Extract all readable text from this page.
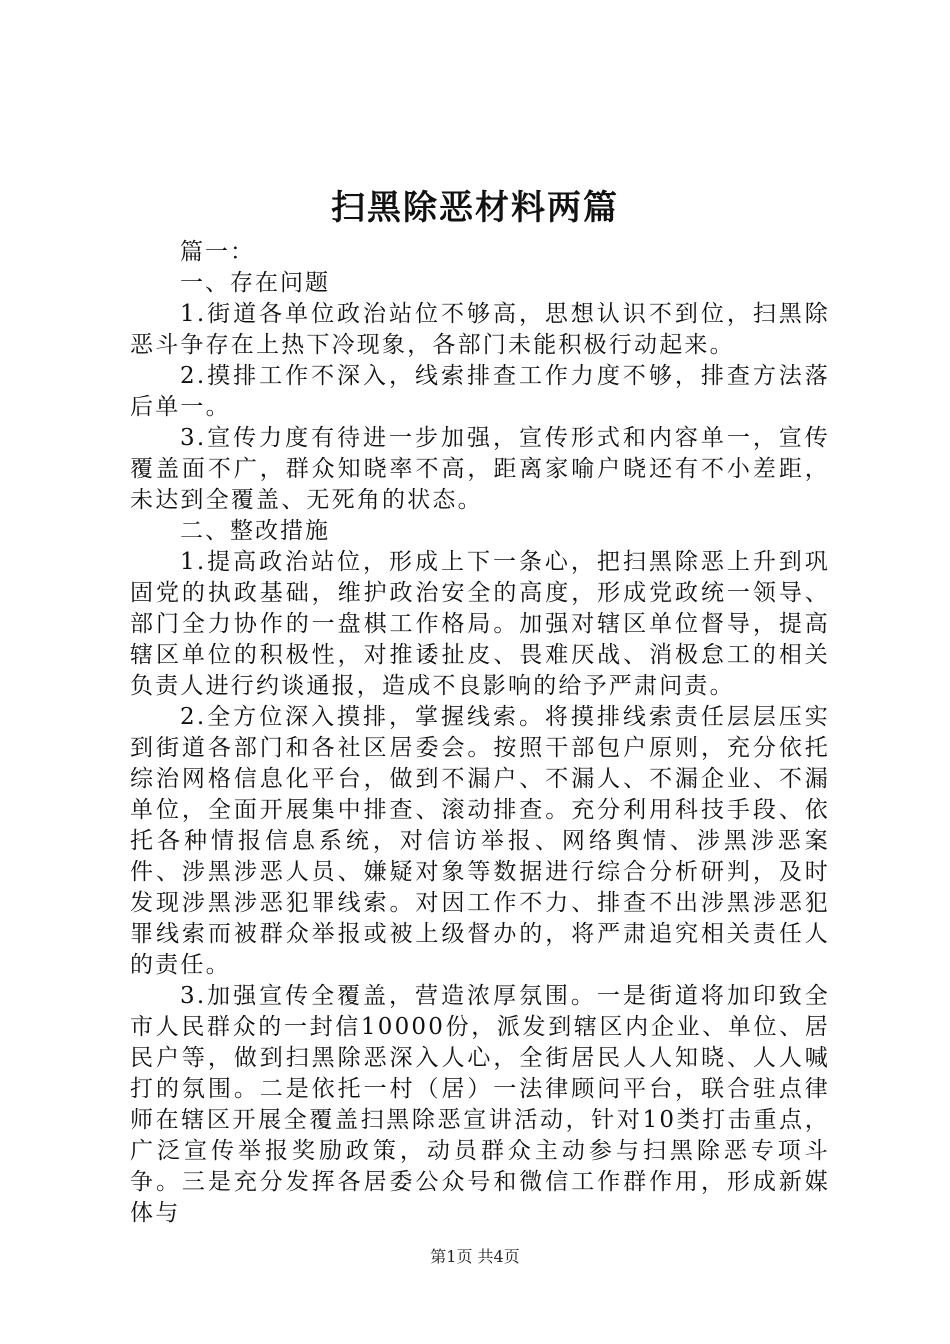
扫黑除恶材料两篇

篇一：

一、存在问题

1.街道各单位政治站位不够高，思想认识不到位，扫黑除恶斗争存在上热下冷现象，各部门未能积极行动起来。

2.摸排工作不深入，线索排查工作力度不够，排查方法落后单一。

3.宣传力度有待进一步加强，宣传形式和内容单一，宣传覆盖面不广，群众知晓率不高，距离家喻户晓还有不小差距，未达到全覆盖、无死角的状态。

二、整改措施

1.提高政治站位，形成上下一条心，把扫黑除恶上升到巩固党的执政基础，维护政治安全的高度，形成党政统一领导、部门全力协作的一盘棋工作格局。加强对辖区单位督导，提高辖区单位的积极性，对推诿扯皮、畏难厌战、消极怠工的相关负责人进行约谈通报，造成不良影响的给予严肃问责。

2.全方位深入摸排，掌握线索。将摸排线索责任层层压实到街道各部门和各社区居委会。按照干部包户原则，充分依托综治网格信息化平台，做到不漏户、不漏人、不漏企业、不漏单位，全面开展集中排查、滚动排查。充分利用科技手段、依托各种情报信息系统，对信访举报、网络舆情、涉黑涉恶案件、涉黑涉恶人员、嫌疑对象等数据进行综合分析研判，及时发现涉黑涉恶犯罪线索。对因工作不力、排查不出涉黑涉恶犯罪线索而被群众举报或被上级督办的，将严肃追究相关责任人的责任。

3.加强宣传全覆盖，营造浓厚氛围。一是街道将加印致全市人民群众的一封信10000份，派发到辖区内企业、单位、居民户等，做到扫黑除恶深入人心，全街居民人人知晓、人人喊打的氛围。二是依托一村（居）一法律顾问平台，联合驻点律师在辖区开展全覆盖扫黑除恶宣讲活动，针对10类打击重点，广泛宣传举报奖励政策，动员群众主动参与扫黑除恶专项斗争。三是充分发挥各居委公众号和微信工作群作用，形成新媒体与

第1页 共4页
